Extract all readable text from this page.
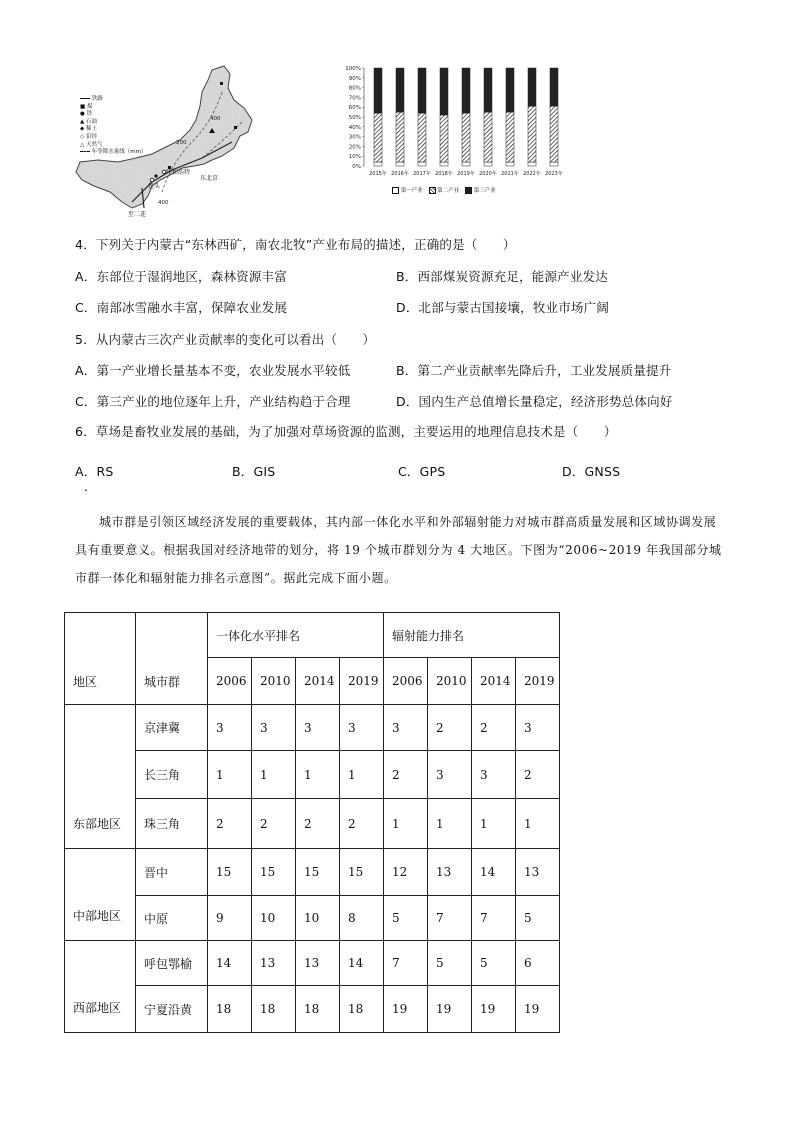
400
200
400
呼和浩特
包头
东北京
至二连
铁路
■ 煤
● 铁
▲ 石油
◆ 稀土
◇ 铅锌
△ 天然气
年等降水量线（mm）
0%
10%
20%
30%
40%
50%
60%
70%
80%
90%
100%
2015年 2016年 2017年 2018年 2019年 2020年 2021年 2022年 2023年
第一产业	第二产业	第三产业
4．下列关于内蒙古“东林西矿，南农北牧”产业布局的描述，正确的是（　　）
A．东部位于湿润地区，森林资源丰富	B．西部煤炭资源充足，能源产业发达
C．南部冰雪融水丰富，保障农业发展	D．北部与蒙古国接壤，牧业市场广阔
5．从内蒙古三次产业贡献率的变化可以看出（　　）
A．第一产业增长量基本不变，农业发展水平较低	B．第二产业贡献率先降后升，工业发展质量提升
C．第三产业的地位逐年上升，产业结构趋于合理	D．国内生产总值增长量稳定，经济形势总体向好
6．草场是畜牧业发展的基础，为了加强对草场资源的监测，主要运用的地理信息技术是（　　）
A．RS	B．GIS	C．GPS	D．GNSS
.
城市群是引领区域经济发展的重要载体，其内部一体化水平和外部辐射能力对城市群高质量发展和区域协调发展具有重要意义。根据我国对经济地带的划分，将 19 个城市群划分为 4 大地区。下图为“2006~2019 年我国部分城市群一体化和辐射能力排名示意图”。据此完成下面小题。
地区	城市群	一体化水平排名				辐射能力排名			
		2006	2010	2014	2019	2006	2010	2014	2019
东部地区	京津冀	3	3	3	3	3	2	2	3
	长三角	1	1	1	1	2	3	3	2
	珠三角	2	2	2	2	1	1	1	1
中部地区	晋中	15	15	15	15	12	13	14	13
	中原	9	10	10	8	5	7	7	5
西部地区	呼包鄂榆	14	13	13	14	7	5	5	6
	宁夏沿黄	18	18	18	18	19	19	19	19
